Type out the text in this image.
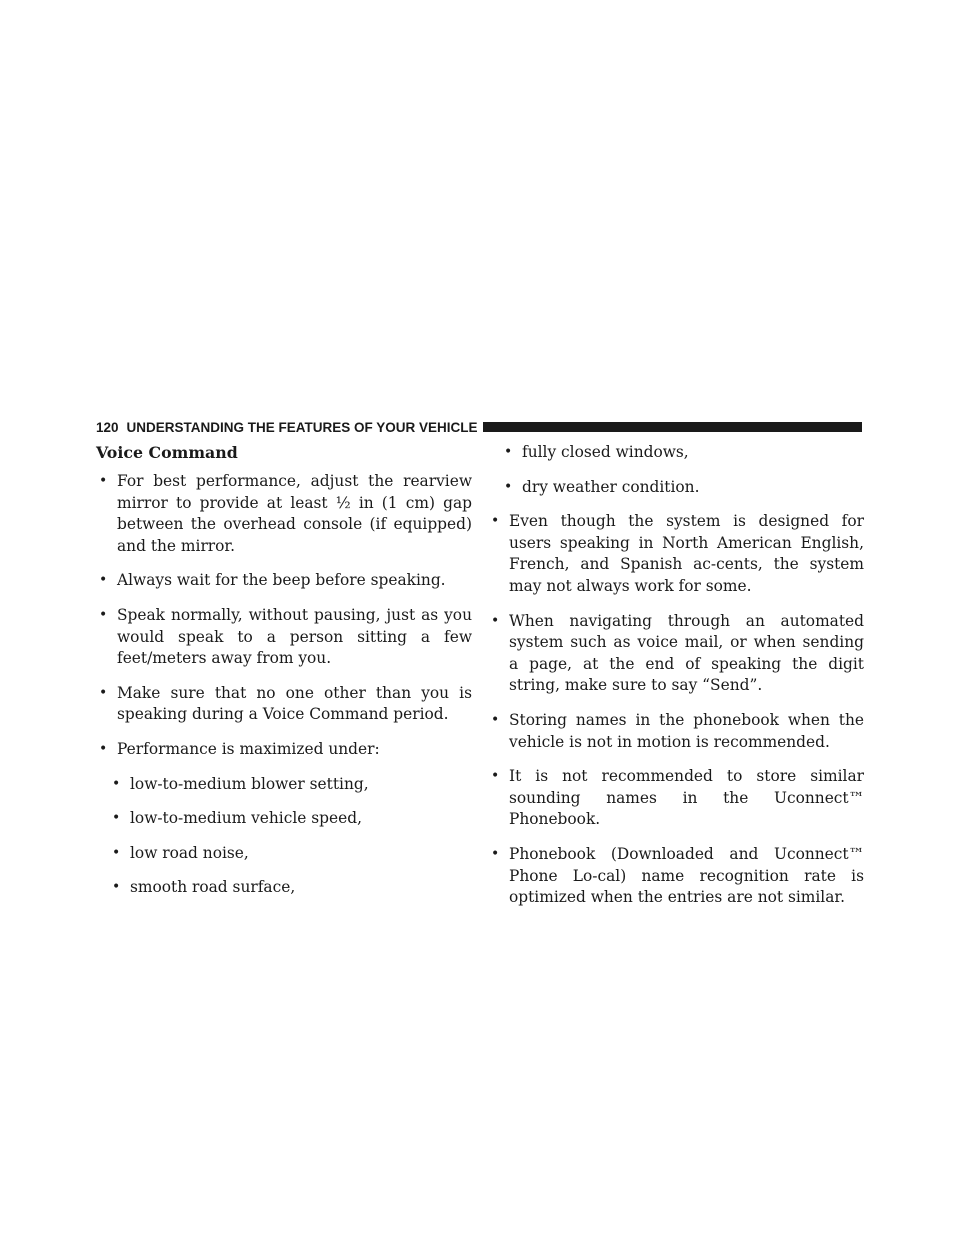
120 UNDERSTANDING THE FEATURES OF YOUR VEHICLE
Voice Command
• For best performance, adjust the rearview mirror to provide at least ½ in (1 cm) gap between the overhead console (if equipped) and the mirror.
• Always wait for the beep before speaking.
• Speak normally, without pausing, just as you would speak to a person sitting a few feet/meters away from you.
• Make sure that no one other than you is speaking during a Voice Command period.
• Performance is maximized under:
• low-to-medium blower setting,
• low-to-medium vehicle speed,
• low road noise,
• smooth road surface,
• fully closed windows,
• dry weather condition.
• Even though the system is designed for users speaking in North American English, French, and Spanish ac-cents, the system may not always work for some.
• When navigating through an automated system such as voice mail, or when sending a page, at the end of speaking the digit string, make sure to say “Send”.
• Storing names in the phonebook when the vehicle is not in motion is recommended.
• It is not recommended to store similar sounding names in the Uconnect™ Phonebook.
• Phonebook (Downloaded and Uconnect™ Phone Lo-cal) name recognition rate is optimized when the entries are not similar.
